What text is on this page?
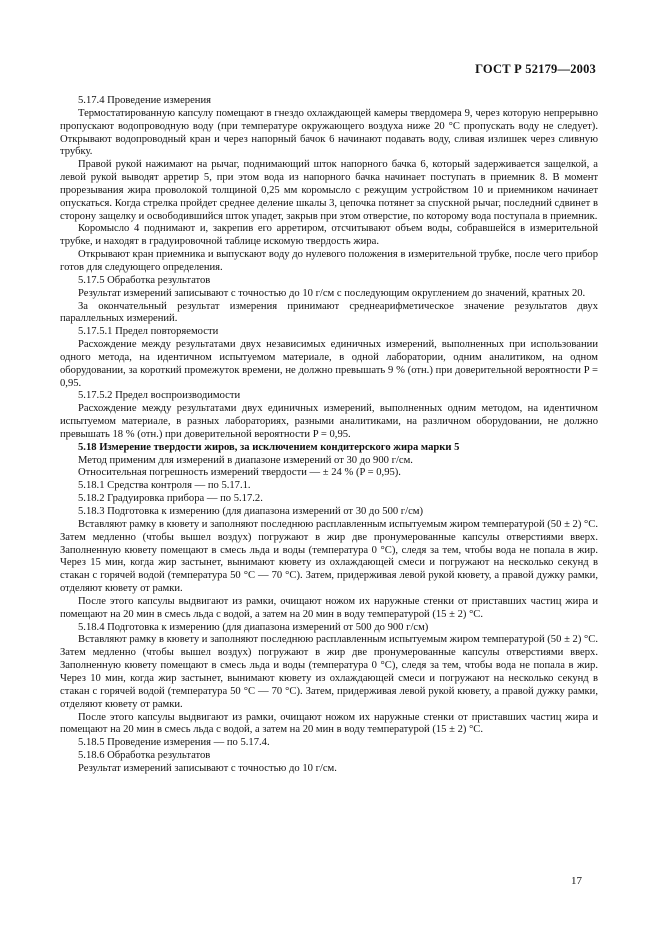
ГОСТ Р 52179—2003

5.17.4 Проведение измерения

Термостатированную капсулу помещают в гнездо охлаждающей камеры твердомера 9, через которую непрерывно пропускают водопроводную воду (при температуре окружающего воздуха ниже 20 °С пропускать воду не следует). Открывают водопроводный кран и через напорный бачок 6 начинают подавать воду, сливая излишек через сливную трубку.

Правой рукой нажимают на рычаг, поднимающий шток напорного бачка 6, который задерживается защелкой, а левой рукой выводят арретир 5, при этом вода из напорного бачка начинает поступать в приемник 8. В момент прорезывания жира проволокой толщиной 0,25 мм коромысло с режущим устройством 10 и приемником начинает опускаться. Когда стрелка пройдет среднее деление шкалы 3, цепочка потянет за спускной рычаг, последний сдвинет в сторону защелку и освободившийся шток упадет, закрыв при этом отверстие, по которому вода поступала в приемник.

Коромысло 4 поднимают и, закрепив его арретиром, отсчитывают объем воды, собравшейся в измерительной трубке, и находят в градуировочной таблице искомую твердость жира.

Открывают кран приемника и выпускают воду до нулевого положения в измерительной трубке, после чего прибор готов для следующего определения.

5.17.5 Обработка результатов

Результат измерений записывают с точностью до 10 г/см с последующим округлением до значений, кратных 20.

За окончательный результат измерения принимают среднеарифметическое значение результатов двух параллельных измерений.

5.17.5.1 Предел повторяемости

Расхождение между результатами двух независимых единичных измерений, выполненных при использовании одного метода, на идентичном испытуемом материале, в одной лаборатории, одним аналитиком, на одном оборудовании, за короткий промежуток времени, не должно превышать 9 % (отн.) при доверительной вероятности P = 0,95.

5.17.5.2 Предел воспроизводимости

Расхождение между результатами двух единичных измерений, выполненных одним методом, на идентичном испытуемом материале, в разных лабораториях, разными аналитиками, на различном оборудовании, не должно превышать 18 % (отн.) при доверительной вероятности P = 0,95.

5.18 Измерение твердости жиров, за исключением кондитерского жира марки 5

Метод применим для измерений в диапазоне измерений от 30 до 900 г/см.

Относительная погрешность измерений твердости — ± 24 % (P = 0,95).

5.18.1 Средства контроля — по 5.17.1.

5.18.2 Градуировка прибора — по 5.17.2.

5.18.3 Подготовка к измерению (для диапазона измерений от 30 до 500 г/см)

Вставляют рамку в кювету и заполняют последнюю расплавленным испытуемым жиром температурой (50 ± 2) °С. Затем медленно (чтобы вышел воздух) погружают в жир две пронумерованные капсулы отверстиями вверх. Заполненную кювету помещают в смесь льда и воды (температура 0 °С), следя за тем, чтобы вода не попала в жир. Через 15 мин, когда жир застынет, вынимают кювету из охлаждающей смеси и погружают на несколько секунд в стакан с горячей водой (температура 50 °С — 70 °С). Затем, придерживая левой рукой кювету, а правой дужку рамки, отделяют кювету от рамки.

После этого капсулы выдвигают из рамки, очищают ножом их наружные стенки от приставших частиц жира и помещают на 20 мин в смесь льда с водой, а затем на 20 мин в воду температурой (15 ± 2) °С.

5.18.4 Подготовка к измерению (для диапазона измерений от 500 до 900 г/см)

Вставляют рамку в кювету и заполняют последнюю расплавленным испытуемым жиром температурой (50 ± 2) °С. Затем медленно (чтобы вышел воздух) погружают в жир две пронумерованные капсулы отверстиями вверх. Заполненную кювету помещают в смесь льда и воды (температура 0 °С), следя за тем, чтобы вода не попала в жир. Через 10 мин, когда жир застынет, вынимают кювету из охлаждающей смеси и погружают на несколько секунд в стакан с горячей водой (температура 50 °С — 70 °С). Затем, придерживая левой рукой кювету, а правой дужку рамки, отделяют кювету от рамки.

После этого капсулы выдвигают из рамки, очищают ножом их наружные стенки от приставших частиц жира и помещают на 20 мин в смесь льда с водой, а затем на 20 мин в воду температурой (15 ± 2) °С.

5.18.5 Проведение измерения — по 5.17.4.

5.18.6 Обработка результатов

Результат измерений записывают с точностью до 10 г/см.

17
